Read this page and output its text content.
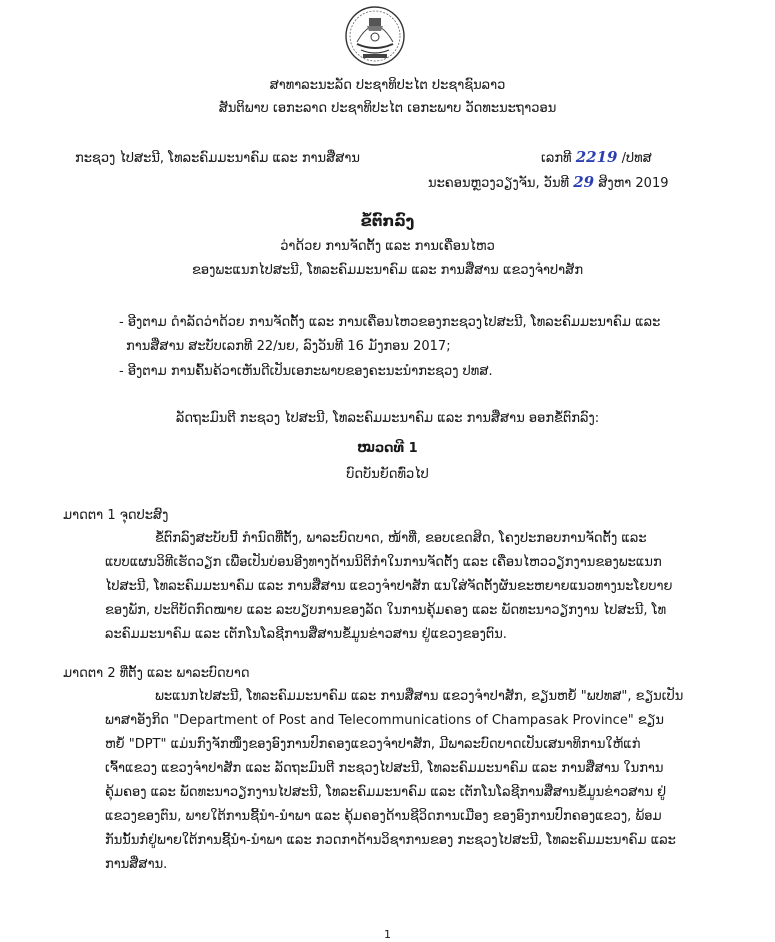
ສາທາລະນະລັດ ປະຊາທິປະໄຕ ປະຊາຊົນລາວ
ສັນຕິພາບ ເອກະລາດ ປະຊາທິປະໄຕ ເອກະພາບ ວັດທະນະຖາວອນ
ກະຊວງ ໄປສະນີ, ໂທລະຄົມມະນາຄົມ ແລະ ການສື່ສານ	ເລກທີ 2219 /ປທສ
ນະຄອນຫຼວງວຽງຈັນ, ວັນທີ 29 ສິງຫາ 2019
ຂໍ້ຕົກລົງ
ວ່າດ້ວຍ ການຈັດຕັ້ງ ແລະ ການເຄື່ອນໄຫວ
ຂອງພະແນກໄປສະນີ, ໂທລະຄົມມະນາຄົມ ແລະ ການສື່ສານ ແຂວງຈຳປາສັກ
- ອີງຕາມ ດຳລັດວ່າດ້ວຍ ການຈັດຕັ້ງ ແລະ ການເຄື່ອນໄຫວຂອງກະຊວງໄປສະນີ, ໂທລະຄົມມະນາຄົມ ແລະ
ການສື່ສານ ສະບັບເລກທີ 22/ນຍ, ລົງວັນທີ 16 ມັງກອນ 2017;
- ອີງຕາມ ການຄົ້ນຄ້ວາເຫັນດີເປັນເອກະພາບຂອງຄະນະນຳກະຊວງ ປທສ.
ລັດຖະມົນຕີ ກະຊວງ ໄປສະນີ, ໂທລະຄົມມະນາຄົມ ແລະ ການສື່ສານ ອອກຂໍ້ຕົກລົງ:
ໝວດທີ 1
ບົດບັນຍັດທົ່ວໄປ
ມາດຕາ 1 ຈຸດປະສົງ
ຂໍ້ຕົກລົງສະບັບນີ້ ກຳນົດທີ່ຕັ້ງ, ພາລະບົດບາດ, ໜ້າທີ່, ຂອບເຂດສິດ, ໂຄງປະກອບການຈັດຕັ້ງ ແລະ
ແບບແຜນວິທີເຮັດວຽກ ເພື່ອເປັນບ່ອນອີງທາງດ້ານນິຕິກຳໃນການຈັດຕັ້ງ ແລະ ເຄື່ອນໄຫວວຽກງານຂອງພະແນກ
ໄປສະນີ, ໂທລະຄົມມະນາຄົມ ແລະ ການສື່ສານ ແຂວງຈຳປາສັກ ແນໃສ່ຈັດຕັ້ງຜັນຂະຫຍາຍແນວທາງນະໂຍບາຍ
ຂອງພັກ, ປະຕິບັດກົດໝາຍ ແລະ ລະບຽບການຂອງລັດ ໃນການຄຸ້ມຄອງ ແລະ ພັດທະນາວຽກງານ ໄປສະນີ, ໂທ
ລະຄົມມະນາຄົມ ແລະ ເຕັກໂນໂລຊີການສື່ສານຂໍ້ມູນຂ່າວສານ ຢູ່ແຂວງຂອງຕົນ.
ມາດຕາ 2 ທີ່ຕັ້ງ ແລະ ພາລະບົດບາດ
ພະແນກໄປສະນີ, ໂທລະຄົມມະນາຄົມ ແລະ ການສື່ສານ ແຂວງຈຳປາສັກ, ຂຽນຫຍໍ້ "ພປທສ", ຂຽນເປັນ
ພາສາອັງກິດ "Department of Post and Telecommunications of Champasak Province" ຂຽນ
ຫຍໍ້ "DPT" ແມ່ນກົງຈັກໜຶ່ງຂອງອົງການປົກຄອງແຂວງຈຳປາສັກ, ມີພາລະບົດບາດເປັນເສນາທິການໃຫ້ແກ່
ເຈົ້າແຂວງ ແຂວງຈຳປາສັກ ແລະ ລັດຖະມົນຕີ ກະຊວງໄປສະນີ, ໂທລະຄົມມະນາຄົມ ແລະ ການສື່ສານ ໃນການ
ຄຸ້ມຄອງ ແລະ ພັດທະນາວຽກງານໄປສະນີ, ໂທລະຄົມມະນາຄົມ ແລະ ເຕັກໂນໂລຊີການສື່ສານຂໍ້ມູນຂ່າວສານ ຢູ່
ແຂວງຂອງຕົນ, ພາຍໃຕ້ການຊີ້ນຳ-ນຳພາ ແລະ ຄຸ້ມຄອງດ້ານຊີວິດການເມືອງ ຂອງອົງການປົກຄອງແຂວງ, ພ້ອມ
ກັນນັ້ນກໍ່ຢູ່ພາຍໃຕ້ການຊີ້ນຳ-ນຳພາ ແລະ ກວດກາດ້ານວິຊາການຂອງ ກະຊວງໄປສະນີ, ໂທລະຄົມມະນາຄົມ ແລະ
ການສື່ສານ.
1
